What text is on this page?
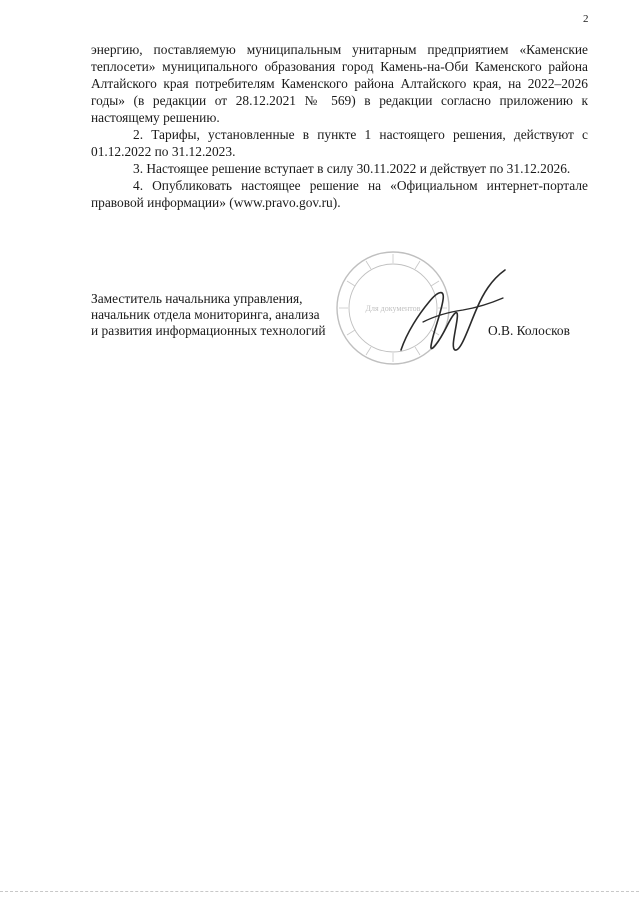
2

энергию, поставляемую муниципальным унитарным предприятием «Каменские теплосети» муниципального образования город Камень-на-Оби Каменского района Алтайского края потребителям Каменского района Алтайского края, на 2022–2026 годы» (в редакции от 28.12.2021 № 569) в редакции согласно приложению к настоящему решению.

2. Тарифы, установленные в пункте 1 настоящего решения, действуют с 01.12.2022 по 31.12.2023.

3. Настоящее решение вступает в силу 30.11.2022 и действует по 31.12.2026.

4. Опубликовать настоящее решение на «Официальном интернет-портале правовой информации» (www.pravo.gov.ru).

Для документов
Заместитель начальника управления,
начальник отдела мониторинга, анализа
и развития информационных технологий	О.В. Колосков
